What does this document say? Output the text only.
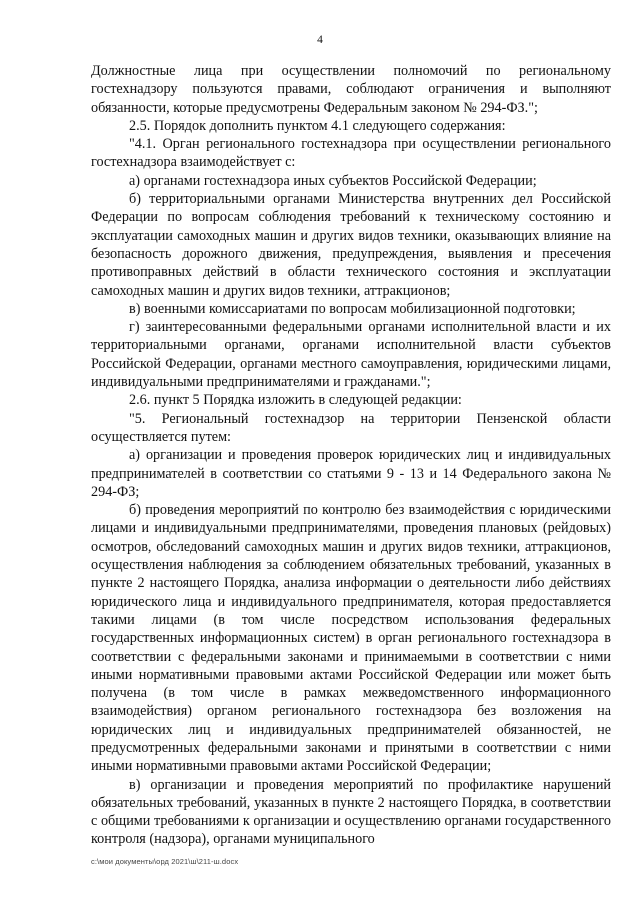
4

Должностные лица при осуществлении полномочий по региональному гостехнадзору пользуются правами, соблюдают ограничения и выполняют обязанности, которые предусмотрены Федеральным законом № 294-ФЗ.";

2.5. Порядок дополнить пунктом 4.1 следующего содержания:

"4.1. Орган регионального гостехнадзора при осуществлении регионального гостехнадзора взаимодействует с:

а) органами гостехнадзора иных субъектов Российской Федерации;

б) территориальными органами Министерства внутренних дел Российской Федерации по вопросам соблюдения требований к техническому состоянию и эксплуатации самоходных машин и других видов техники, оказывающих влияние на безопасность дорожного движения, предупреждения, выявления и пресечения противоправных действий в области технического состояния и эксплуатации самоходных машин и других видов техники, аттракционов;

в) военными комиссариатами по вопросам мобилизационной подготовки;

г) заинтересованными федеральными органами исполнительной власти и их территориальными органами, органами исполнительной власти субъектов Российской Федерации, органами местного самоуправления, юридическими лицами, индивидуальными предпринимателями и гражданами.";

2.6. пункт 5 Порядка изложить в следующей редакции:

"5. Региональный гостехнадзор на территории Пензенской области осуществляется путем:

а) организации и проведения проверок юридических лиц и индивидуальных предпринимателей в соответствии со статьями 9 - 13 и 14 Федерального закона № 294-ФЗ;

б) проведения мероприятий по контролю без взаимодействия с юридическими лицами и индивидуальными предпринимателями, проведения плановых (рейдовых) осмотров, обследований самоходных машин и других видов техники, аттракционов, осуществления наблюдения за соблюдением обязательных требований, указанных в пункте 2 настоящего Порядка, анализа информации о деятельности либо действиях юридического лица и индивидуального предпринимателя, которая предоставляется такими лицами (в том числе посредством использования федеральных государственных информационных систем) в орган регионального гостехнадзора в соответствии с федеральными законами и принимаемыми в соответствии с ними иными нормативными правовыми актами Российской Федерации или может быть получена (в том числе в рамках межведомственного информационного взаимодействия) органом регионального гостехнадзора без возложения на юридических лиц и индивидуальных предпринимателей обязанностей, не предусмотренных федеральными законами и принятыми в соответствии с ними иными нормативными правовыми актами Российской Федерации;

в) организации и проведения мероприятий по профилактике нарушений обязательных требований, указанных в пункте 2 настоящего Порядка, в соответствии с общими требованиями к организации и осуществлению органами государственного контроля (надзора), органами муниципального

c:\мои документы\орд 2021\ш\211-ш.docx
